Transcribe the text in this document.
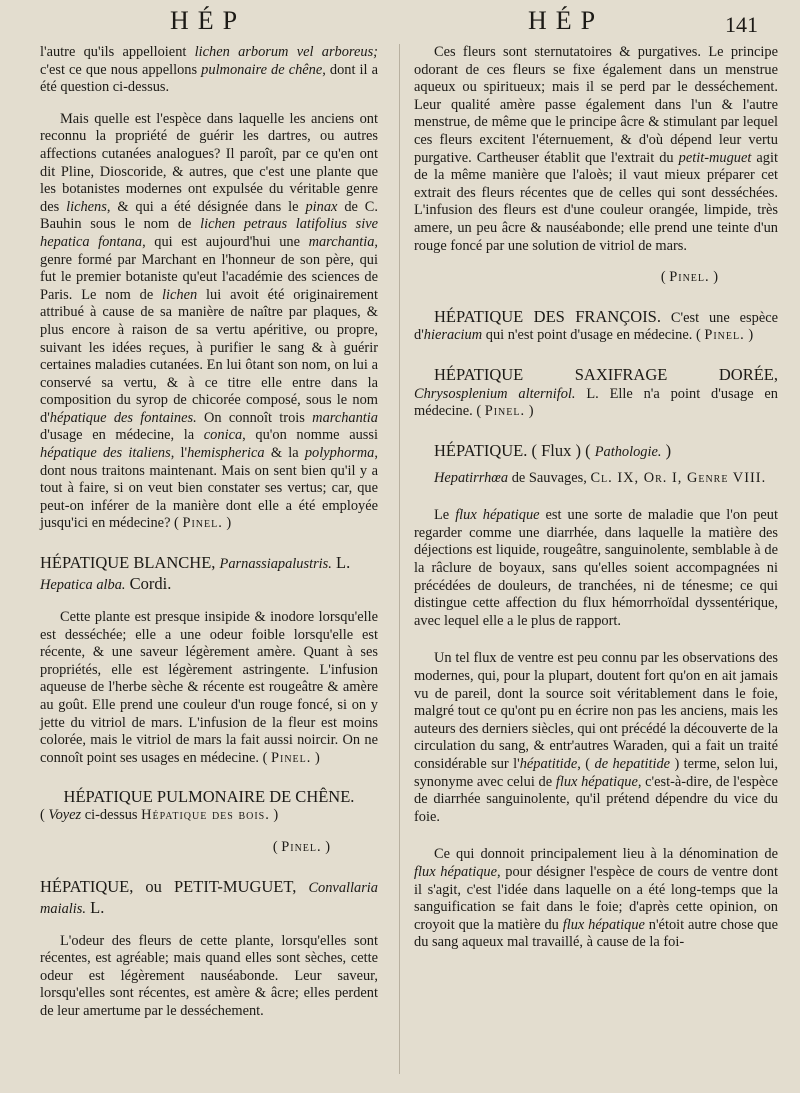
HÉP	HÉP	141

l'autre qu'ils appelloient lichen arborum vel arboreus; c'est ce que nous appellons pulmonaire de chêne, dont il a été question ci-dessus.

Mais quelle est l'espèce dans laquelle les anciens ont reconnu la propriété de guérir les dartres, ou autres affections cutanées analogues? Il paroît, par ce qu'en ont dit Pline, Dioscoride, & autres, que c'est une plante que les botanistes modernes ont expulsée du véritable genre des lichens, & qui a été désignée dans le pinax de C. Bauhin sous le nom de lichen petraus latifolius sive hepatica fontana, qui est aujourd'hui une marchantia, genre formé par Marchant en l'honneur de son père, qui fut le premier botaniste qu'eut l'académie des sciences de Paris. Le nom de lichen lui avoit été originairement attribué à cause de sa manière de naître par plaques, & plus encore à raison de sa vertu apéritive, ou propre, suivant les idées reçues, à purifier le sang & à guérir certaines maladies cutanées. En lui ôtant son nom, on lui a conservé sa vertu, & à ce titre elle entre dans la composition du syrop de chicorée composé, sous le nom d'hépatique des fontaines. On connoît trois marchantia d'usage en médecine, la conica, qu'on nomme aussi hépatique des italiens, l'hemispherica & la polyphorma, dont nous traitons maintenant. Mais on sent bien qu'il y a tout à faire, si on veut bien constater ses vertus; car, que peut-on inférer de la manière dont elle a été employée jusqu'ici en médecine? ( Pinel. )

HÉPATIQUE BLANCHE, Parnassiapalustris. L. Hepatica alba. Cordi.

Cette plante est presque insipide & inodore lorsqu'elle est desséchée; elle a une odeur foible lorsqu'elle est récente, & une saveur légèrement amère. Quant à ses propriétés, elle est légèrement astringente. L'infusion aqueuse de l'herbe sèche & récente est rougeâtre & amère au goût. Elle prend une couleur d'un rouge foncé, si on y jette du vitriol de mars. L'infusion de la fleur est moins colorée, mais le vitriol de mars la fait aussi noircir. On ne connoît point ses usages en médecine. ( Pinel. )

HÉPATIQUE PULMONAIRE DE CHÊNE.

( Voyez ci-dessus Hépatique des bois. )

( Pinel. )

HÉPATIQUE, ou PETIT-MUGUET, Convallaria maialis. L.

L'odeur des fleurs de cette plante, lorsqu'elles sont récentes, est agréable; mais quand elles sont sèches, cette odeur est légèrement nauséabonde. Leur saveur, lorsqu'elles sont récentes, est amère & âcre; elles perdent de leur amertume par le desséchement.

Ces fleurs sont sternutatoires & purgatives. Le principe odorant de ces fleurs se fixe également dans un menstrue aqueux ou spiritueux; mais il se perd par le desséchement. Leur qualité amère passe également dans l'un & l'autre menstrue, de même que le principe âcre & stimulant par lequel ces fleurs excitent l'éternuement, & d'où dépend leur vertu purgative. Cartheuser établit que l'extrait du petit-muguet agit de la même manière que l'aloès; il vaut mieux préparer cet extrait des fleurs récentes que de celles qui sont desséchées. L'infusion des fleurs est d'une couleur orangée, limpide, très amere, un peu âcre & nauséabonde; elle prend une teinte d'un rouge foncé par une solution de vitriol de mars.

( Pinel. )

HÉPATIQUE DES FRANÇOIS. C'est une espèce d'hieracium qui n'est point d'usage en médecine. ( Pinel. )

HÉPATIQUE SAXIFRAGE DORÉE, Chrysosplenium alternifol. L. Elle n'a point d'usage en médecine. ( Pinel. )

HÉPATIQUE. ( Flux ) ( Pathologie. )

Hepatirrhœa de Sauvages, Cl. IX, Or. I, Genre VIII.

Le flux hépatique est une sorte de maladie que l'on peut regarder comme une diarrhée, dans laquelle la matière des déjections est liquide, rougeâtre, sanguinolente, semblable à de la râclure de boyaux, sans qu'elles soient accompagnées ni précédées de douleurs, de tranchées, ni de ténesme; ce qui distingue cette affection du flux hémorrhoïdal dyssentérique, avec lequel elle a le plus de rapport.

Un tel flux de ventre est peu connu par les observations des modernes, qui, pour la plupart, doutent fort qu'on en ait jamais vu de pareil, dont la source soit véritablement dans le foie, malgré tout ce qu'ont pu en écrire non pas les anciens, mais les auteurs des derniers siècles, qui ont précédé la découverte de la circulation du sang, & entr'autres Waraden, qui a fait un traité considérable sur l'hépatitide, ( de hepatitide ) terme, selon lui, synonyme avec celui de flux hépatique, c'est-à-dire, de l'espèce de diarrhée sanguinolente, qu'il prétend dépendre du vice du foie.

Ce qui donnoit principalement lieu à la dénomination de flux hépatique, pour désigner l'espèce de cours de ventre dont il s'agit, c'est l'idée dans laquelle on a été long-temps que la sanguification se fait dans le foie; d'après cette opinion, on croyoit que la matière du flux hépatique n'étoit autre chose que du sang aqueux mal travaillé, à cause de la foi-
